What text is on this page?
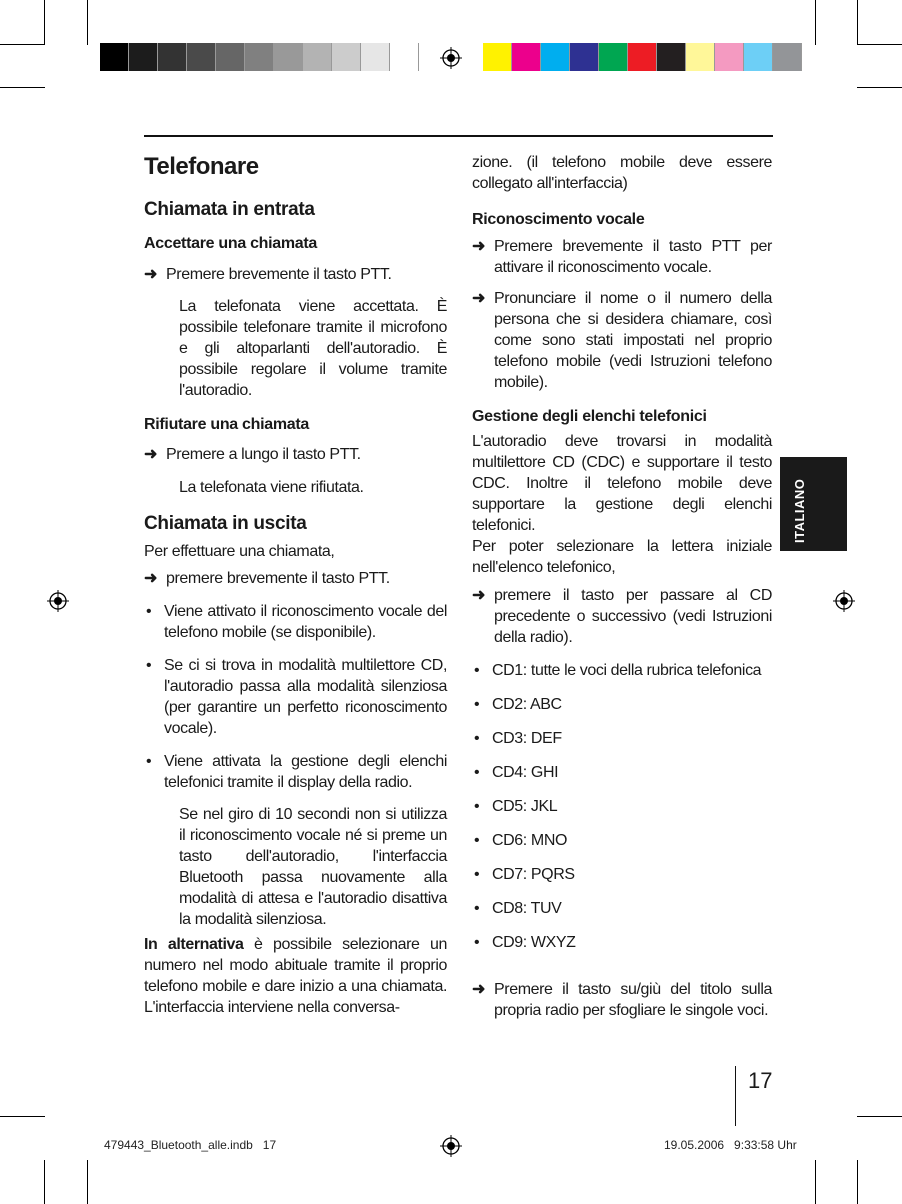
ITALIANO
Telefonare
Chiamata in entrata
Accettare una chiamata
➜ Premere brevemente il tasto PTT.

La telefonata viene accettata. È possibile telefonare tramite il microfono e gli altoparlanti dell'autoradio. È possibile regolare il volume tramite l'autoradio.

Rifiutare una chiamata
➜ Premere a lungo il tasto PTT.

La telefonata viene rifiutata.

Chiamata in uscita

Per effettuare una chiamata,

➜ premere brevemente il tasto PTT.
• Viene attivato il riconoscimento vocale del telefono mobile (se disponibile).
• Se ci si trova in modalità multilettore CD, l'autoradio passa alla modalità silenziosa (per garantire un perfetto riconoscimento vocale).
• Viene attivata la gestione degli elenchi telefonici tramite il display della radio.

Se nel giro di 10 secondi non si utilizza il riconoscimento vocale né si preme un tasto dell'autoradio, l'interfaccia Bluetooth passa nuovamente alla modalità di attesa e l'autoradio disattiva la modalità silenziosa.

In alternativa è possibile selezionare un numero nel modo abituale tramite il proprio telefono mobile e dare inizio a una chiamata. L'interfaccia interviene nella conversa-

zione. (il telefono mobile deve essere collegato all'interfaccia)

Riconoscimento vocale
➜ Premere brevemente il tasto PTT per attivare il riconoscimento vocale.
➜ Pronunciare il nome o il numero della persona che si desidera chiamare, così come sono stati impostati nel proprio telefono mobile (vedi Istruzioni telefono mobile).
Gestione degli elenchi telefonici

L'autoradio deve trovarsi in modalità multilettore CD (CDC) e supportare il testo CDC. Inoltre il telefono mobile deve supportare la gestione degli elenchi telefonici.

Per poter selezionare la lettera iniziale nell'elenco telefonico,

➜ premere il tasto per passare al CD precedente o successivo (vedi Istruzioni della radio).
• CD1: tutte le voci della rubrica telefonica
• CD2: ABC
• CD3: DEF
• CD4: GHI
• CD5: JKL
• CD6: MNO
• CD7: PQRS
• CD8: TUV
• CD9: WXYZ
➜ Premere il tasto su/giù del titolo sulla propria radio per sfogliare le singole voci.
17
479443_Bluetooth_alle.indb   17	19.05.2006   9:33:58 Uhr
